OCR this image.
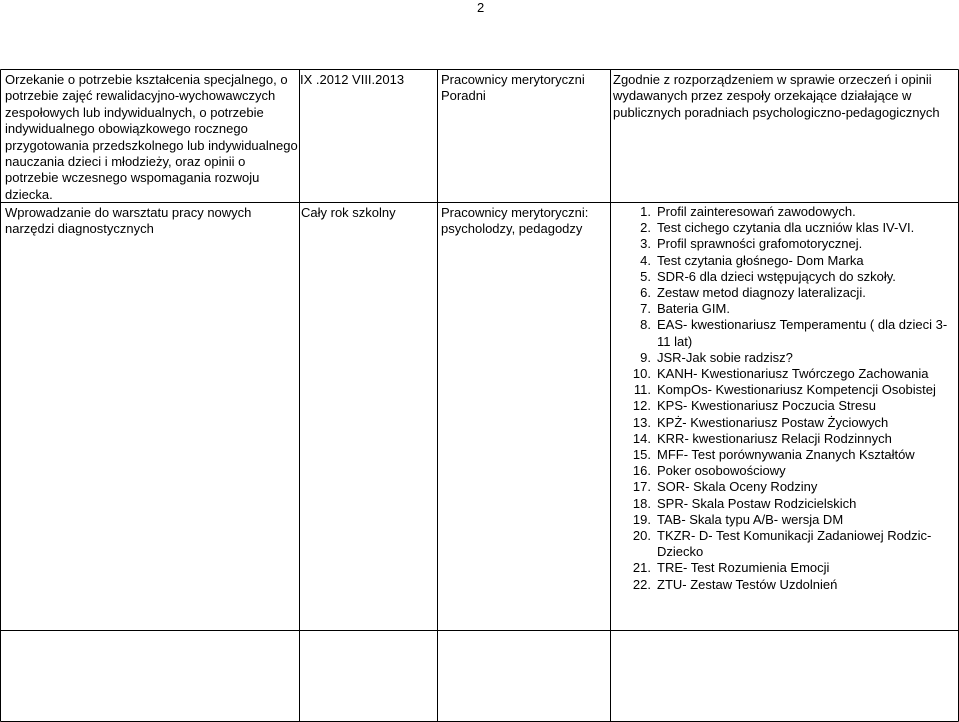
2
Orzekanie o potrzebie kształcenia specjalnego, o potrzebie zajęć rewalidacyjno-wychowawczych zespołowych lub indywidualnych, o potrzebie indywidualnego obowiązkowego rocznego przygotowania przedszkolnego lub indywidualnego nauczania dzieci i młodzieży, oraz opinii o potrzebie wczesnego wspomagania rozwoju dziecka.
IX .2012 VIII.2013	Pracownicy merytoryczni Poradni
Zgodnie z rozporządzeniem w sprawie orzeczeń i opinii wydawanych przez zespoły orzekające działające w publicznych poradniach psychologiczno-pedagogicznych
Wprowadzanie do warsztatu pracy nowych narzędzi diagnostycznych
Cały rok szkolny	Pracownicy merytoryczni: psycholodzy, pedagodzy
1. Profil zainteresowań zawodowych.
2. Test cichego czytania dla uczniów klas IV-VI.
3. Profil sprawności grafomotorycznej.
4. Test czytania głośnego- Dom Marka
5. SDR-6 dla dzieci wstępujących do szkoły.
6. Zestaw metod diagnozy lateralizacji.
7. Bateria GIM.
8. EAS- kwestionariusz Temperamentu ( dla dzieci 3-11 lat)
9. JSR-Jak sobie radzisz?
10. KANH- Kwestionariusz Twórczego Zachowania
11. KompOs- Kwestionariusz Kompetencji Osobistej
12. KPS- Kwestionariusz Poczucia Stresu
13. KPŻ- Kwestionariusz Postaw Życiowych
14. KRR- kwestionariusz Relacji Rodzinnych
15. MFF- Test porównywania Znanych Kształtów
16. Poker osobowościowy
17. SOR- Skala Oceny Rodziny
18. SPR- Skala Postaw Rodzicielskich
19. TAB- Skala typu A/B- wersja DM
20. TKZR- D- Test Komunikacji Zadaniowej Rodzic-Dziecko
21. TRE- Test Rozumienia Emocji
22. ZTU- Zestaw Testów Uzdolnień
